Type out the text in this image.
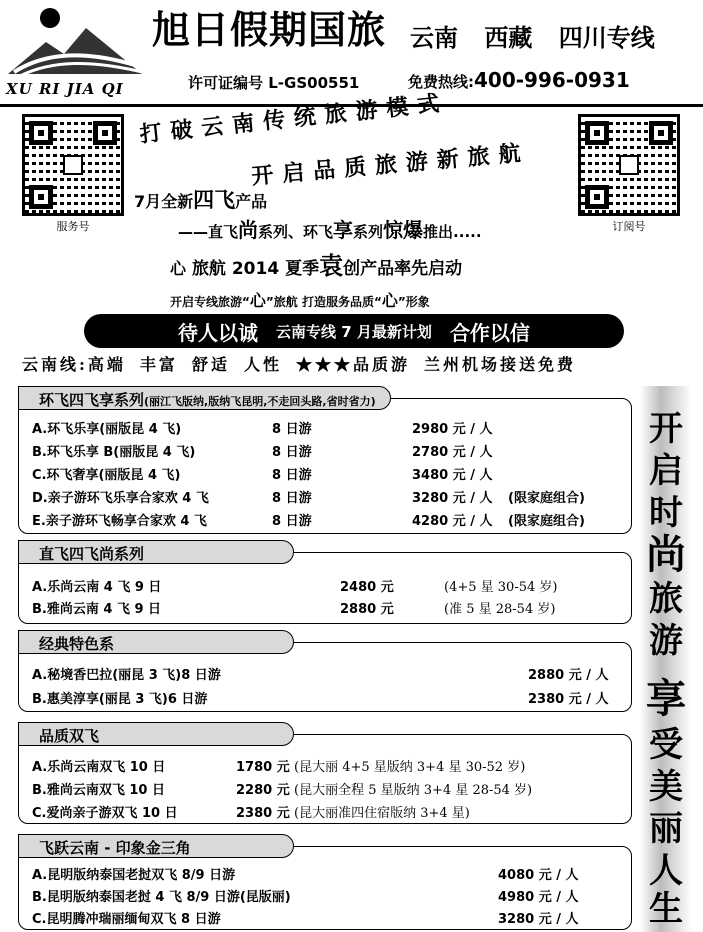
XU RI JIA QI
旭日假期国旅 云南 西藏 四川专线
许可证编号 L-GS00551	免费热线:400-996-0931
服务号	订阅号
打破云南传统旅游模式
开启品质旅游新旅航
7月全新四飞产品
——直飞尚系列、环飞享系列惊爆推出.....
心 旅航 2014 夏季袁创产品率先启动
开启专线旅游“心”旅航 打造服务品质“心”形象
待人以诚 云南专线 7 月最新计划 合作以信
云南线:高端 丰富 舒适 人性 ★★★品质游 兰州机场接送免费
环飞四飞享系列(丽江飞版纳,版纳飞昆明,不走回头路,省时省力)
A.环飞乐享(丽版昆 4 飞)	8 日游	2980 元 / 人
B.环飞乐享 B(丽版昆 4 飞)	8 日游	2780 元 / 人
C.环飞奢享(丽版昆 4 飞)	8 日游	3480 元 / 人
D.亲子游环飞乐享合家欢 4 飞	8 日游	3280 元 / 人 (限家庭组合)
E.亲子游环飞畅享合家欢 4 飞	8 日游	4280 元 / 人 (限家庭组合)
直飞四飞尚系列
A.乐尚云南 4 飞 9 日	2480 元	(4+5 星 30-54 岁)
B.雅尚云南 4 飞 9 日	2880 元	(准 5 星 28-54 岁)
经典特色系
A.秘境香巴拉(丽昆 3 飞)8 日游	2880 元 / 人
B.惠美淳享(丽昆 3 飞)6 日游	2380 元 / 人
品质双飞
A.乐尚云南双飞 10 日	1780 元 (昆大丽 4+5 星版纳 3+4 星 30-52 岁)
B.雅尚云南双飞 10 日	2280 元 (昆大丽全程 5 星版纳 3+4 星 28-54 岁)
C.爱尚亲子游双飞 10 日	2380 元 (昆大丽准四住宿版纳 3+4 星)
飞跃云南 - 印象金三角
A.昆明版纳泰国老挝双飞 8/9 日游	4080 元 / 人
B.昆明版纳泰国老挝 4 飞 8/9 日游(昆版丽)	4980 元 / 人
C.昆明腾冲瑞丽缅甸双飞 8 日游	3280 元 / 人
开
启
时
尚
旅
游
享
受
美
丽
人
生
